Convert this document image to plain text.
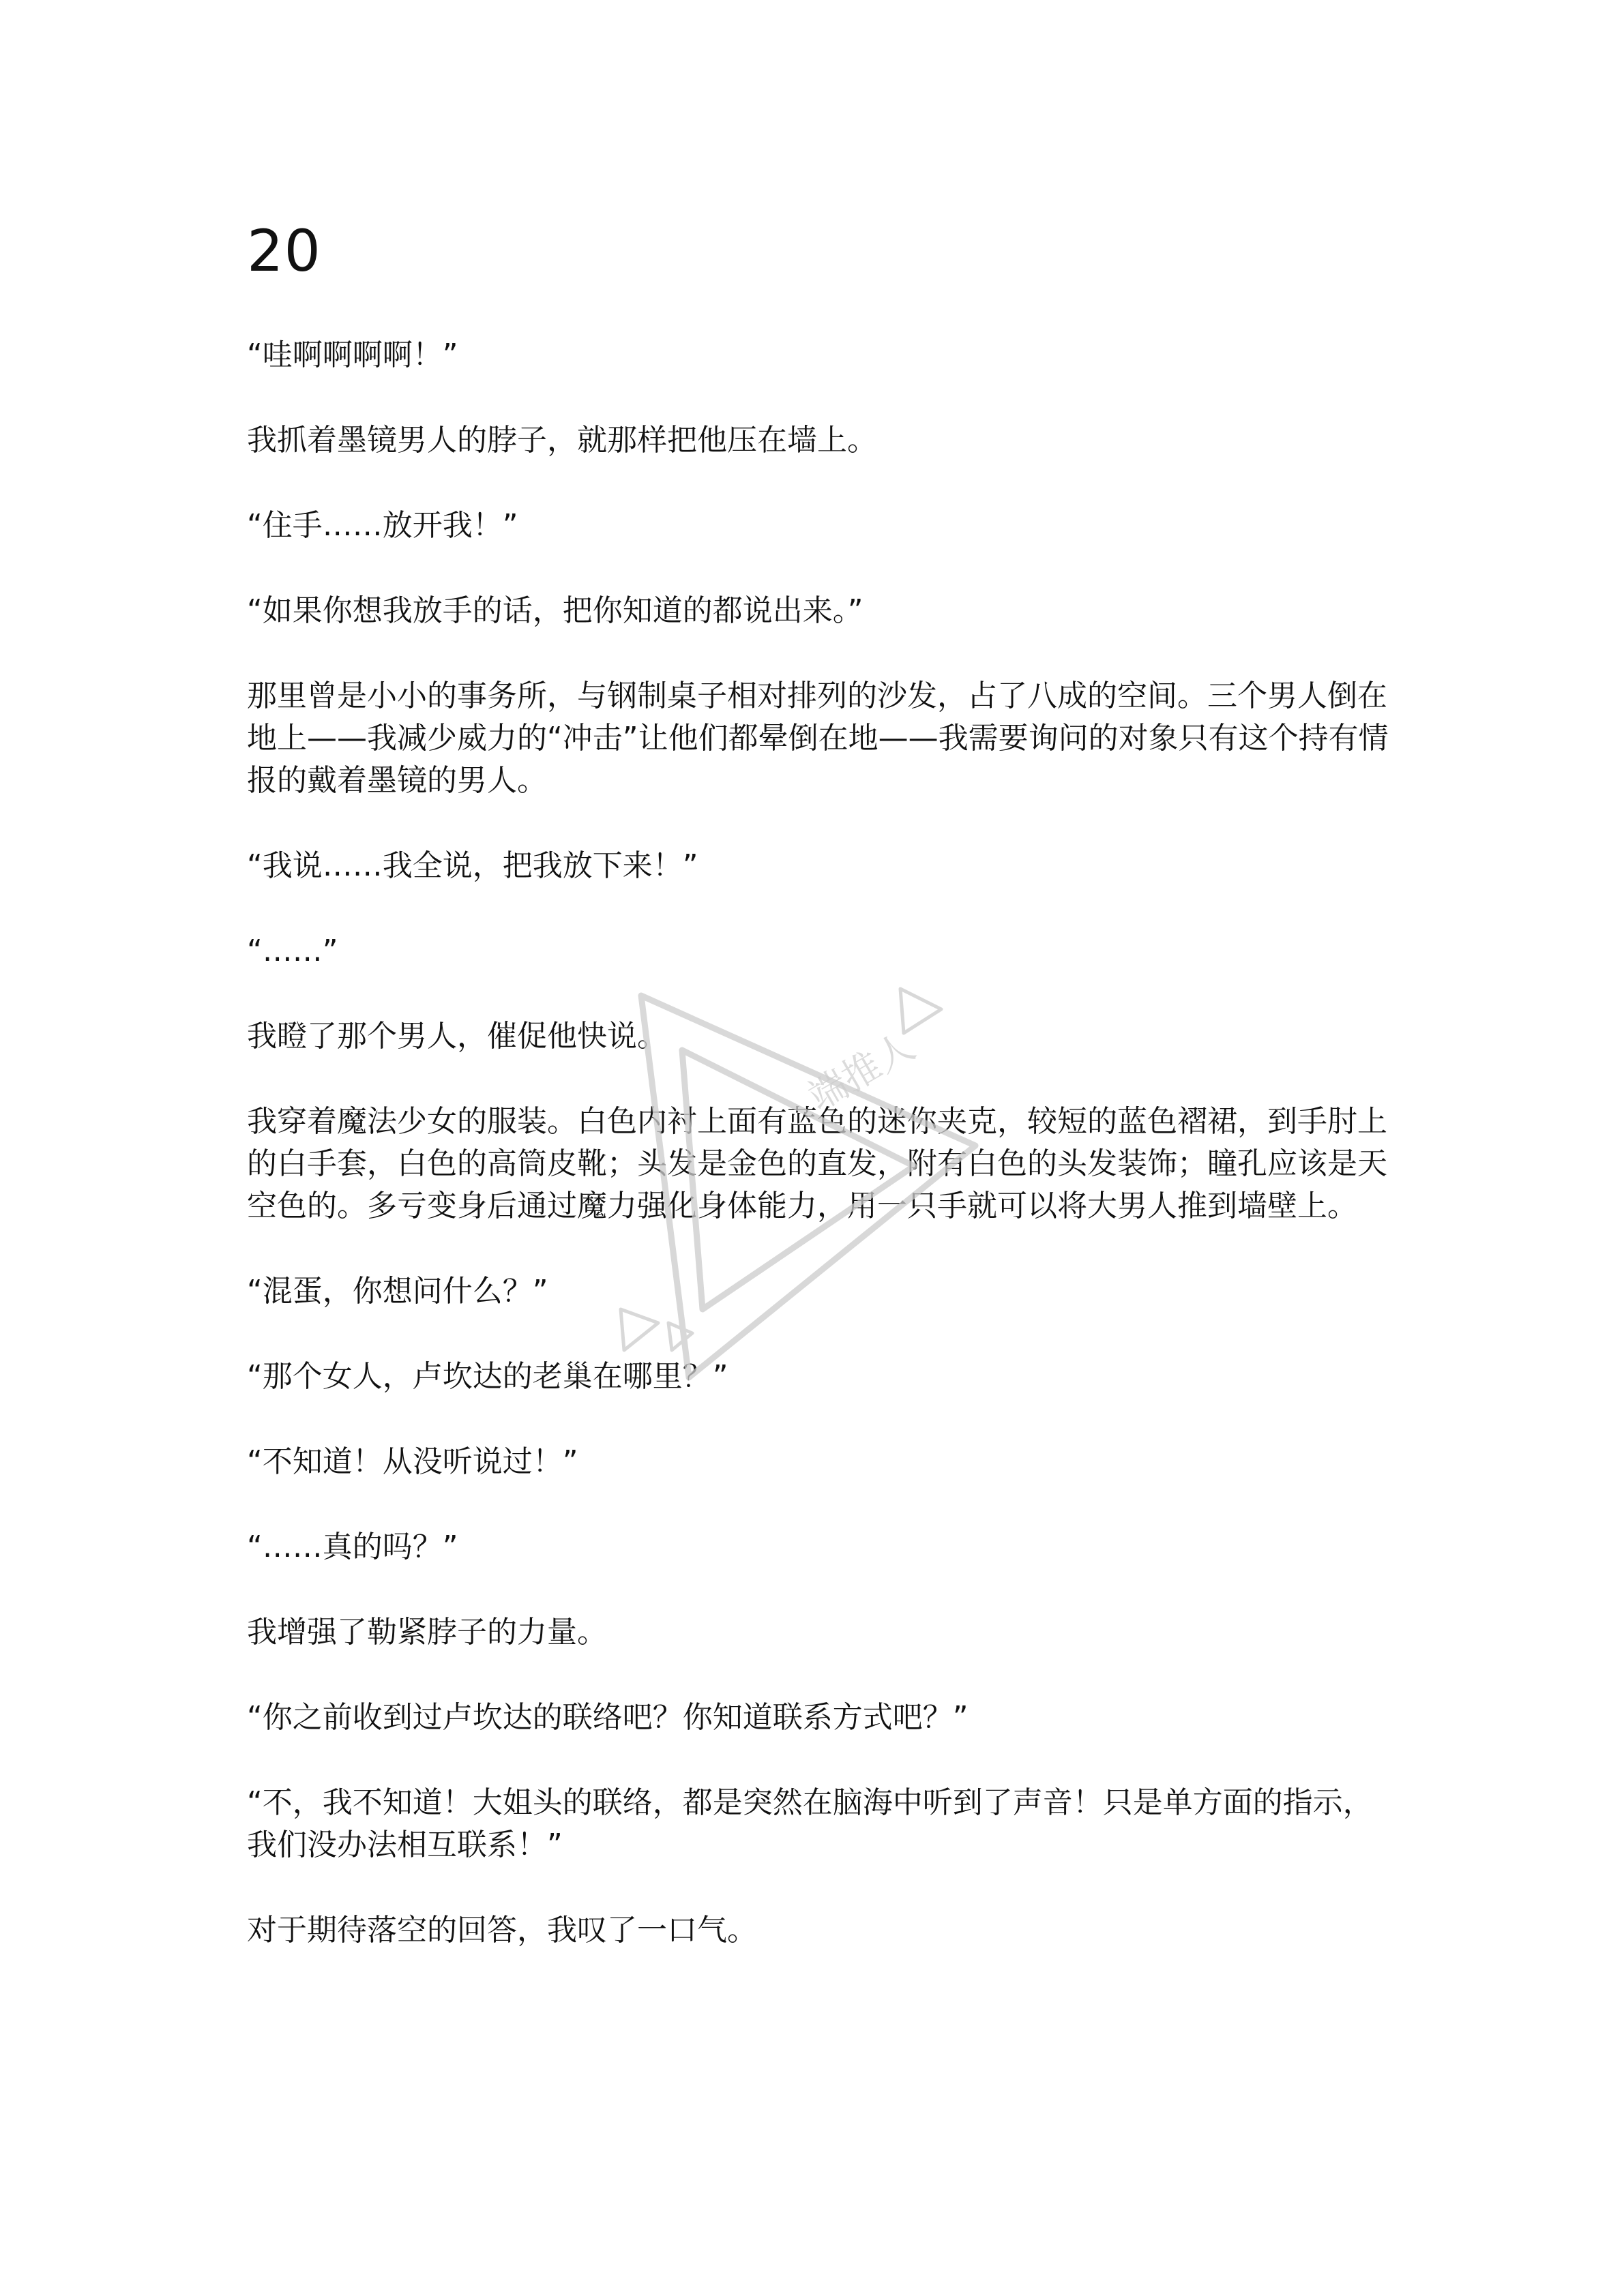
20

“哇啊啊啊啊！”

我抓着墨镜男人的脖子，就那样把他压在墙上。

“住手……放开我！”

“如果你想我放手的话，把你知道的都说出来。”

那里曾是小小的事务所，与钢制桌子相对排列的沙发，占了八成的空间。三个男人倒在地上——我减少威力的“冲击”让他们都晕倒在地——我需要询问的对象只有这个持有情报的戴着墨镜的男人。

“我说……我全说，把我放下来！”

“……”

我瞪了那个男人，催促他快说。

我穿着魔法少女的服装。白色内衬上面有蓝色的迷你夹克，较短的蓝色褶裙，到手肘上的白手套，白色的高筒皮靴；头发是金色的直发，附有白色的头发装饰；瞳孔应该是天空色的。多亏变身后通过魔力强化身体能力，用一只手就可以将大男人推到墙壁上。

“混蛋，你想问什么？”

“那个女人，卢坎达的老巢在哪里？”

“不知道！从没听说过！”

“……真的吗？”

我增强了勒紧脖子的力量。

“你之前收到过卢坎达的联络吧？你知道联系方式吧？”

“不，我不知道！大姐头的联络，都是突然在脑海中听到了声音！只是单方面的指示，我们没办法相互联系！”

对于期待落空的回答，我叹了一口气。

端推人
